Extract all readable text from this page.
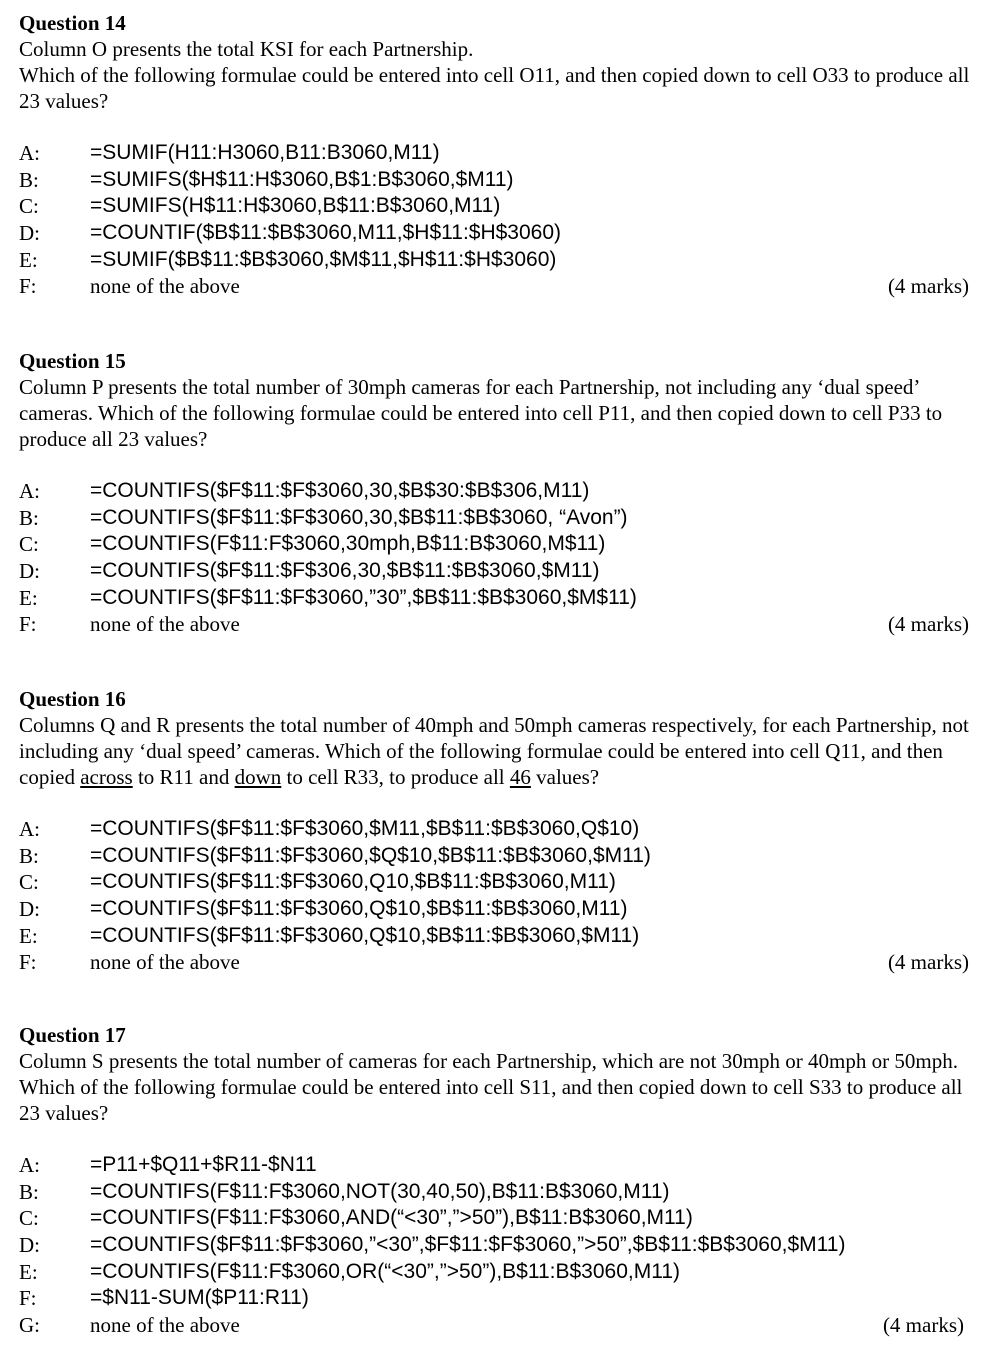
Question 14
Column O presents the total KSI for each Partnership.
Which of the following formulae could be entered into cell O11, and then copied down to cell O33 to produce all 23 values?
A: =SUMIF(H11:H3060,B11:B3060,M11)
B: =SUMIFS($H$11:H$3060,B$1:B$3060,$M11)
C: =SUMIFS(H$11:H$3060,B$11:B$3060,M11)
D: =COUNTIF($B$11:$B$3060,M11,$H$11:$H$3060)
E: =SUMIF($B$11:$B$3060,$M$11,$H$11:$H$3060)
F:	none of the above	(4 marks)
Question 15
Column P presents the total number of 30mph cameras for each Partnership, not including any ‘dual speed’ cameras. Which of the following formulae could be entered into cell P11, and then copied down to cell P33 to produce all 23 values?
A: =COUNTIFS($F$11:$F$3060,30,$B$30:$B$306,M11)
B: =COUNTIFS($F$11:$F$3060,30,$B$11:$B$3060, “Avon”)
C: =COUNTIFS(F$11:F$3060,30mph,B$11:B$3060,M$11)
D: =COUNTIFS($F$11:$F$306,30,$B$11:$B$3060,$M11)
E: =COUNTIFS($F$11:$F$3060,”30”,$B$11:$B$3060,$M$11)
F:	none of the above	(4 marks)
Question 16
Columns Q and R presents the total number of 40mph and 50mph cameras respectively, for each Partnership, not including any ‘dual speed’ cameras. Which of the following formulae could be entered into cell Q11, and then copied across to R11 and down to cell R33, to produce all 46 values?
A: =COUNTIFS($F$11:$F$3060,$M11,$B$11:$B$3060,Q$10)
B: =COUNTIFS($F$11:$F$3060,$Q$10,$B$11:$B$3060,$M11)
C: =COUNTIFS($F$11:$F$3060,Q10,$B$11:$B$3060,M11)
D: =COUNTIFS($F$11:$F$3060,Q$10,$B$11:$B$3060,M11)
E: =COUNTIFS($F$11:$F$3060,Q$10,$B$11:$B$3060,$M11)
F:	none of the above	(4 marks)
Question 17
Column S presents the total number of cameras for each Partnership, which are not 30mph or 40mph or 50mph. Which of the following formulae could be entered into cell S11, and then copied down to cell S33 to produce all 23 values?
A: =P11+$Q11+$R11-$N11
B: =COUNTIFS(F$11:F$3060,NOT(30,40,50),B$11:B$3060,M11)
C: =COUNTIFS(F$11:F$3060,AND(“<30”,”>50”),B$11:B$3060,M11)
D: =COUNTIFS($F$11:$F$3060,”<30”,$F$11:$F$3060,”>50”,$B$11:$B$3060,$M11)
E: =COUNTIFS(F$11:F$3060,OR(“<30”,”>50”),B$11:B$3060,M11)
F:	=$N11-SUM($P11:R11)
G: none of the above	(4 marks)
